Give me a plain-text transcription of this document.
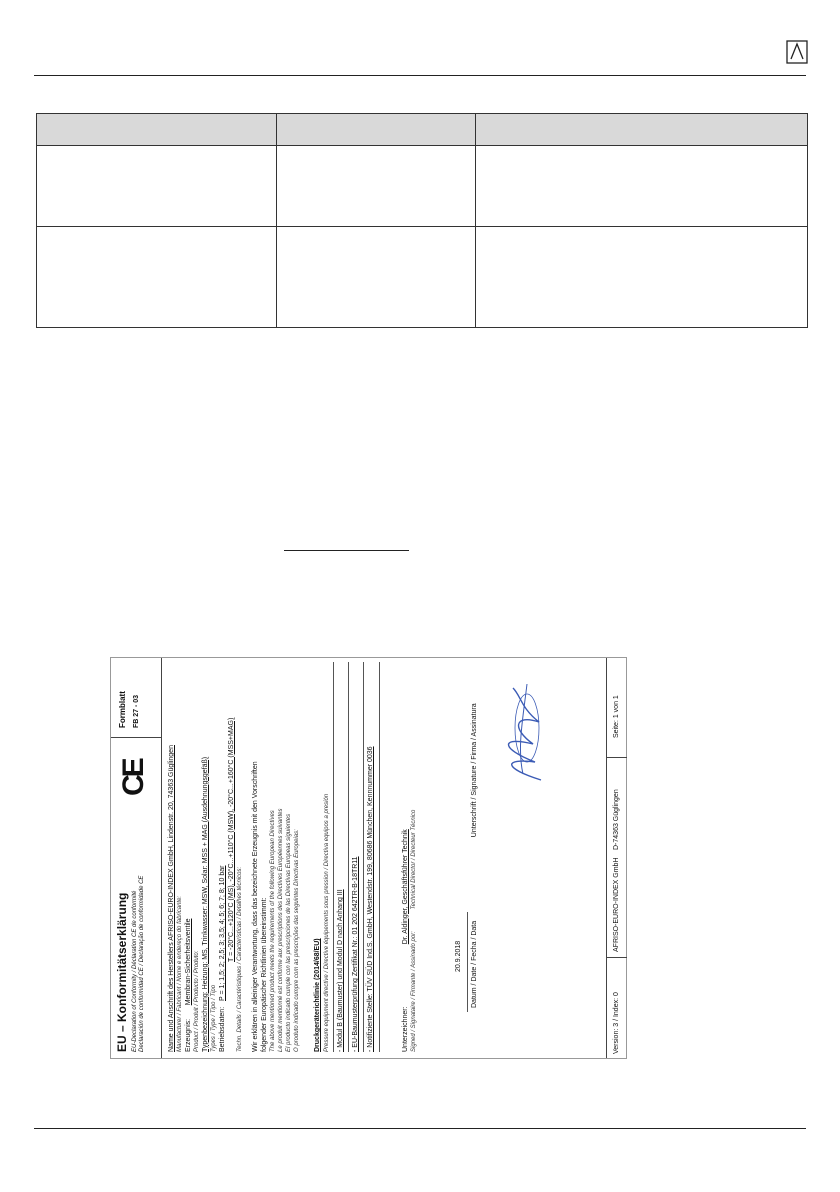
EU – Konformitätserklärung EU-Declaration of Conformity / Déclaration CE de conformité Declaración de conformidad CE / Declaração de conformidade CE
CE
Formblatt FB 27 - 03
Name und Anschrift des Herstellers AFRISO-EURO-INDEX GmbH, Lindenstr. 20, 74363 Güglingen Manufacturer / Fabricant / Nome e endereço do fabricante: Erzeugnis:       Membran-Sicherheitsventile Product / Produit / Producto / Produto: Typenbezeichnung: Heizung: MS, Trinkwasser: MSW, Solar: MSS + MAG (Ausdehnungsgefäß) Types / Type / Tipo / Tipo Betriebsdaten:   P = 1; 1,5; 2; 2,5; 3; 3,5; 4; 5; 6; 7; 8; 10 bar T = -20°C...+120°C (MS), -20°C...+110°C (MSW), -20°C...+160°C (MSS+MAG) Techn. Details / Caractéristiques / Características / Detalhes técnicos: Wir erklären in alleiniger Verantwortung, dass das bezeichnete Erzeugnis mit den Vorschriften folgender Europäischer Richtlinien übereinstimmt: The above mentioned product meets the requirements of the following European Directives Le produit mentionné est conforme aux prescriptions des Directives Européennes suivantes El producto indicado cumple con las prescripciones de las Directivas Europeas siguientes O produto indicado cumpre com as prescrições das seguintes Directivas Europeias: Druckgeräterichtlinie (2014/68/EU) Pressure equipment directive / Directive équipements sous pression / Directiva equipos a presión - Modul B (Baumuster) und Modul D nach Anhang III - EU-Baumusterprüfung Zertifikat Nr.: 01 202 642TR-B-18TR11 - Notifizierte Stelle: TÜV SÜD Ind.S. GmbH, Westendstr. 199, 80686 München, Kennnummer 0036	Unterzeichner:                                Dr. Aldinger, Geschäftsführer Technik
Signed / Signataire / Firmante / Assinado por:             Technical Director / Directeur Técnico
20.9.2018 Datum / Date / Fecha / Data                                           Unterschrift / Signature / Firma / Assinatura
Version: 3 / Index: 0
AFRISO-EURO-INDEX GmbH
D-74363 Güglingen
Seite: 1 von 1
